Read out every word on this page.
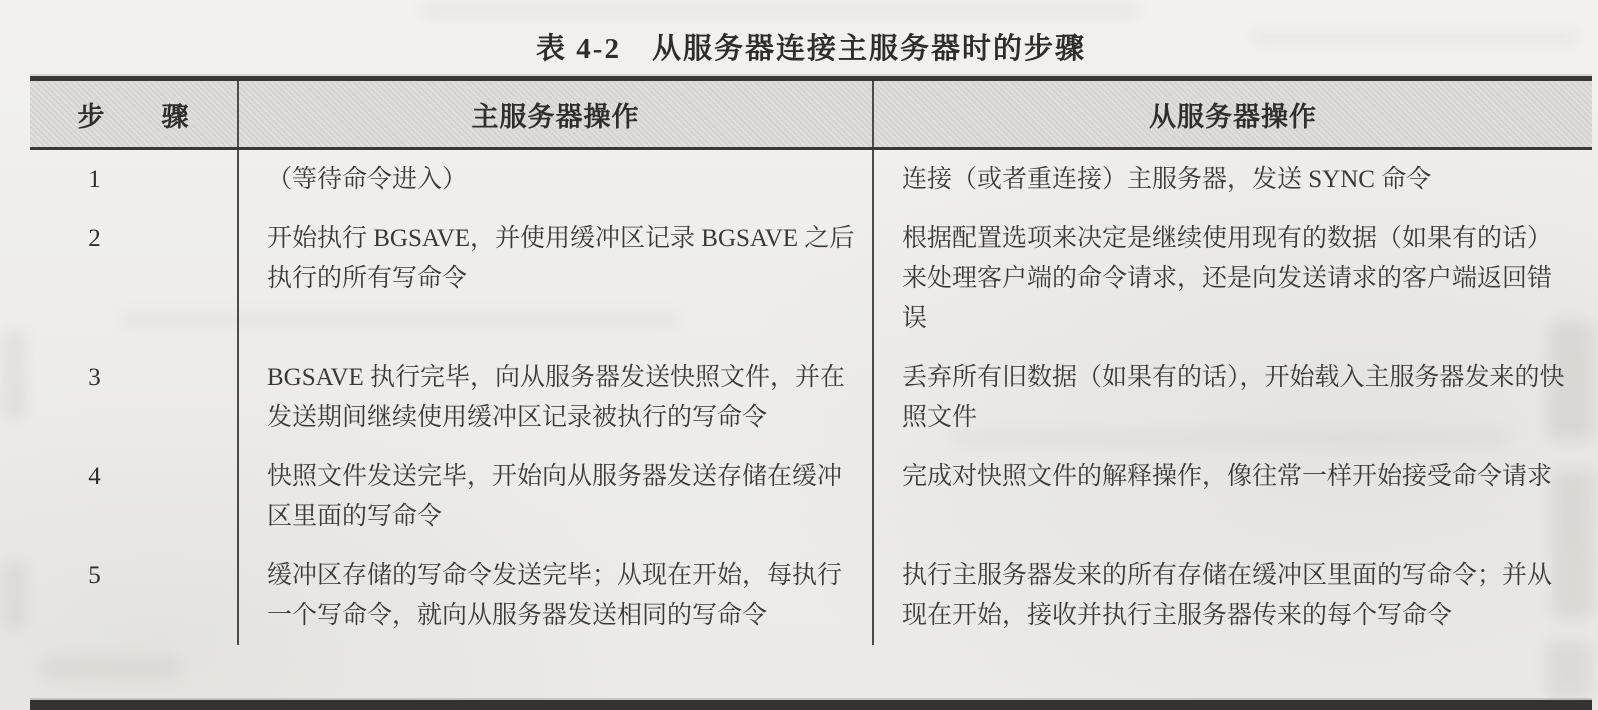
表 4-2　从服务器连接主服务器时的步骤
步　　骤	主服务器操作	从服务器操作
1	（等待命令进入）	连接（或者重连接）主服务器，发送 SYNC 命令
2	开始执行 BGSAVE，并使用缓冲区记录 BGSAVE 之后执行的所有写命令	根据配置选项来决定是继续使用现有的数据（如果有的话）来处理客户端的命令请求，还是向发送请求的客户端返回错误
3	BGSAVE 执行完毕，向从服务器发送快照文件，并在发送期间继续使用缓冲区记录被执行的写命令	丢弃所有旧数据（如果有的话），开始载入主服务器发来的快照文件
4	快照文件发送完毕，开始向从服务器发送存储在缓冲区里面的写命令	完成对快照文件的解释操作，像往常一样开始接受命令请求
5	缓冲区存储的写命令发送完毕；从现在开始，每执行一个写命令，就向从服务器发送相同的写命令	执行主服务器发来的所有存储在缓冲区里面的写命令；并从现在开始，接收并执行主服务器传来的每个写命令
